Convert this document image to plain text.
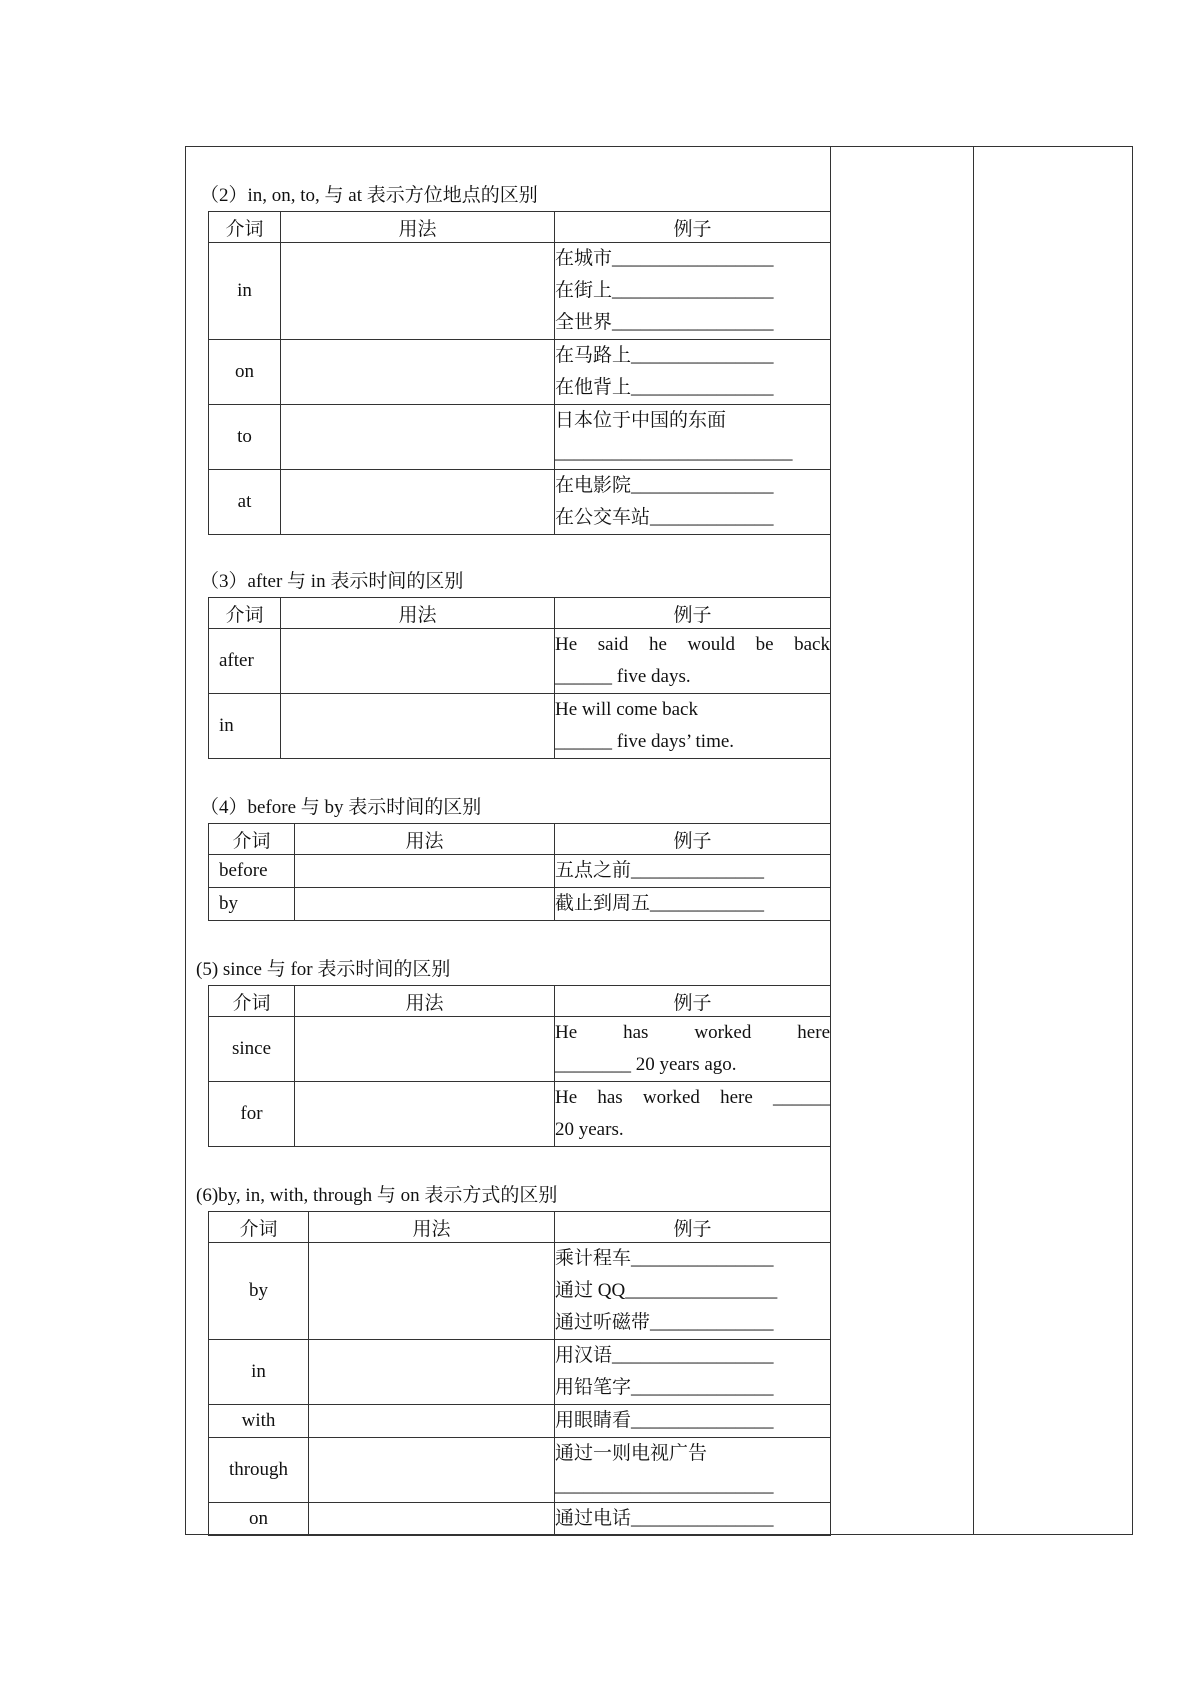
（2）in, on, to, 与 at 表示方位地点的区别
介词	用法	例子
in		在城市_________________
在街上_________________
全世界_________________

on		在马路上_______________
在他背上_______________

to		日本位于中国的东面
_________________________

at		在电影院_______________
在公交车站_____________
（3）after 与 in 表示时间的区别
介词	用法	例子
after		He said he would be back
______ five days.

in		He will come back
______ five days’ time.
（4）before 与 by 表示时间的区别
介词	用法	例子
before		五点之前______________

by		截止到周五____________
(5) since 与 for 表示时间的区别
介词	用法	例子
since		He has worked here
________ 20 years ago.

for		He has worked here ______
20 years.
(6)by, in, with, through 与 on 表示方式的区别
介词	用法	例子
by		乘计程车_______________
通过 QQ________________
通过听磁带_____________

in		用汉语_________________
用铅笔字_______________

with		用眼睛看_______________

through		通过一则电视广告
_______________________

on		通过电话_______________
